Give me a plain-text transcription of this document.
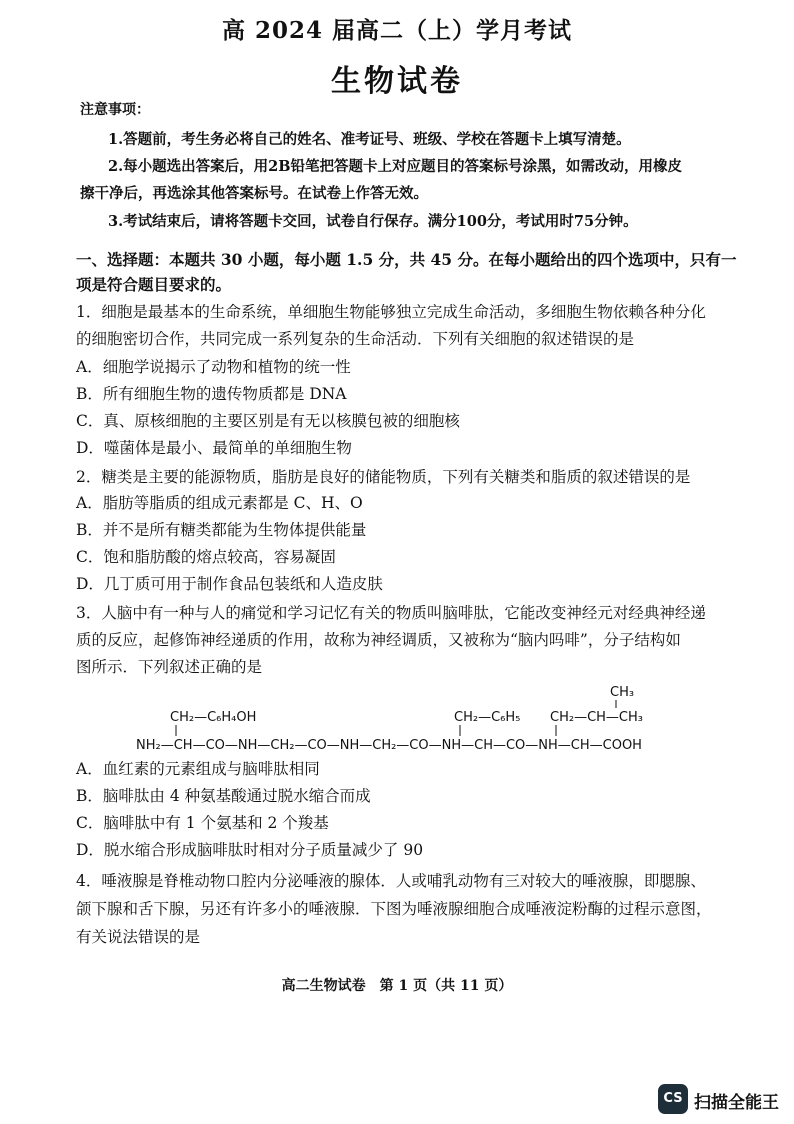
高 2024 届高二（上）学月考试
生物试卷
注意事项：
1.答题前，考生务必将自己的姓名、准考证号、班级、学校在答题卡上填写清楚。
2.每小题选出答案后，用2B铅笔把答题卡上对应题目的答案标号涂黑，如需改动，用橡皮
擦干净后，再选涂其他答案标号。在试卷上作答无效。
3.考试结束后，请将答题卡交回，试卷自行保存。满分100分，考试用时75分钟。
一、选择题：本题共 30 小题，每小题 1.5 分，共 45 分。在每小题给出的四个选项中，只有一
项是符合题目要求的。
1．细胞是最基本的生命系统，单细胞生物能够独立完成生命活动，多细胞生物依赖各种分化
的细胞密切合作，共同完成一系列复杂的生命活动．下列有关细胞的叙述错误的是
A．细胞学说揭示了动物和植物的统一性
B．所有细胞生物的遗传物质都是 DNA
C．真、原核细胞的主要区别是有无以核膜包被的细胞核
D．噬菌体是最小、最简单的单细胞生物
2．糖类是主要的能源物质，脂肪是良好的储能物质，下列有关糖类和脂质的叙述错误的是
A．脂肪等脂质的组成元素都是 C、H、O
B．并不是所有糖类都能为生物体提供能量
C．饱和脂肪酸的熔点较高，容易凝固
D．几丁质可用于制作食品包装纸和人造皮肤
3．人脑中有一种与人的痛觉和学习记忆有关的物质叫脑啡肽，它能改变神经元对经典神经递
质的反应，起修饰神经递质的作用，故称为神经调质，又被称为“脑内吗啡”，分子结构如
图所示．下列叙述正确的是
CH₃
CH₂—C₆H₄OH	CH₂—C₆H₅ CH₂—CH—CH₃
NH₂—CH—CO—NH—CH₂—CO—NH—CH₂—CO—NH—CH—CO—NH—CH—COOH
A．血红素的元素组成与脑啡肽相同
B．脑啡肽由 4 种氨基酸通过脱水缩合而成
C．脑啡肽中有 1 个氨基和 2 个羧基
D．脱水缩合形成脑啡肽时相对分子质量减少了 90
4．唾液腺是脊椎动物口腔内分泌唾液的腺体．人或哺乳动物有三对较大的唾液腺，即腮腺、
颌下腺和舌下腺，另还有许多小的唾液腺．下图为唾液腺细胞合成唾液淀粉酶的过程示意图，
有关说法错误的是
高二生物试卷　第 1 页（共 11 页）
CS 扫描全能王
